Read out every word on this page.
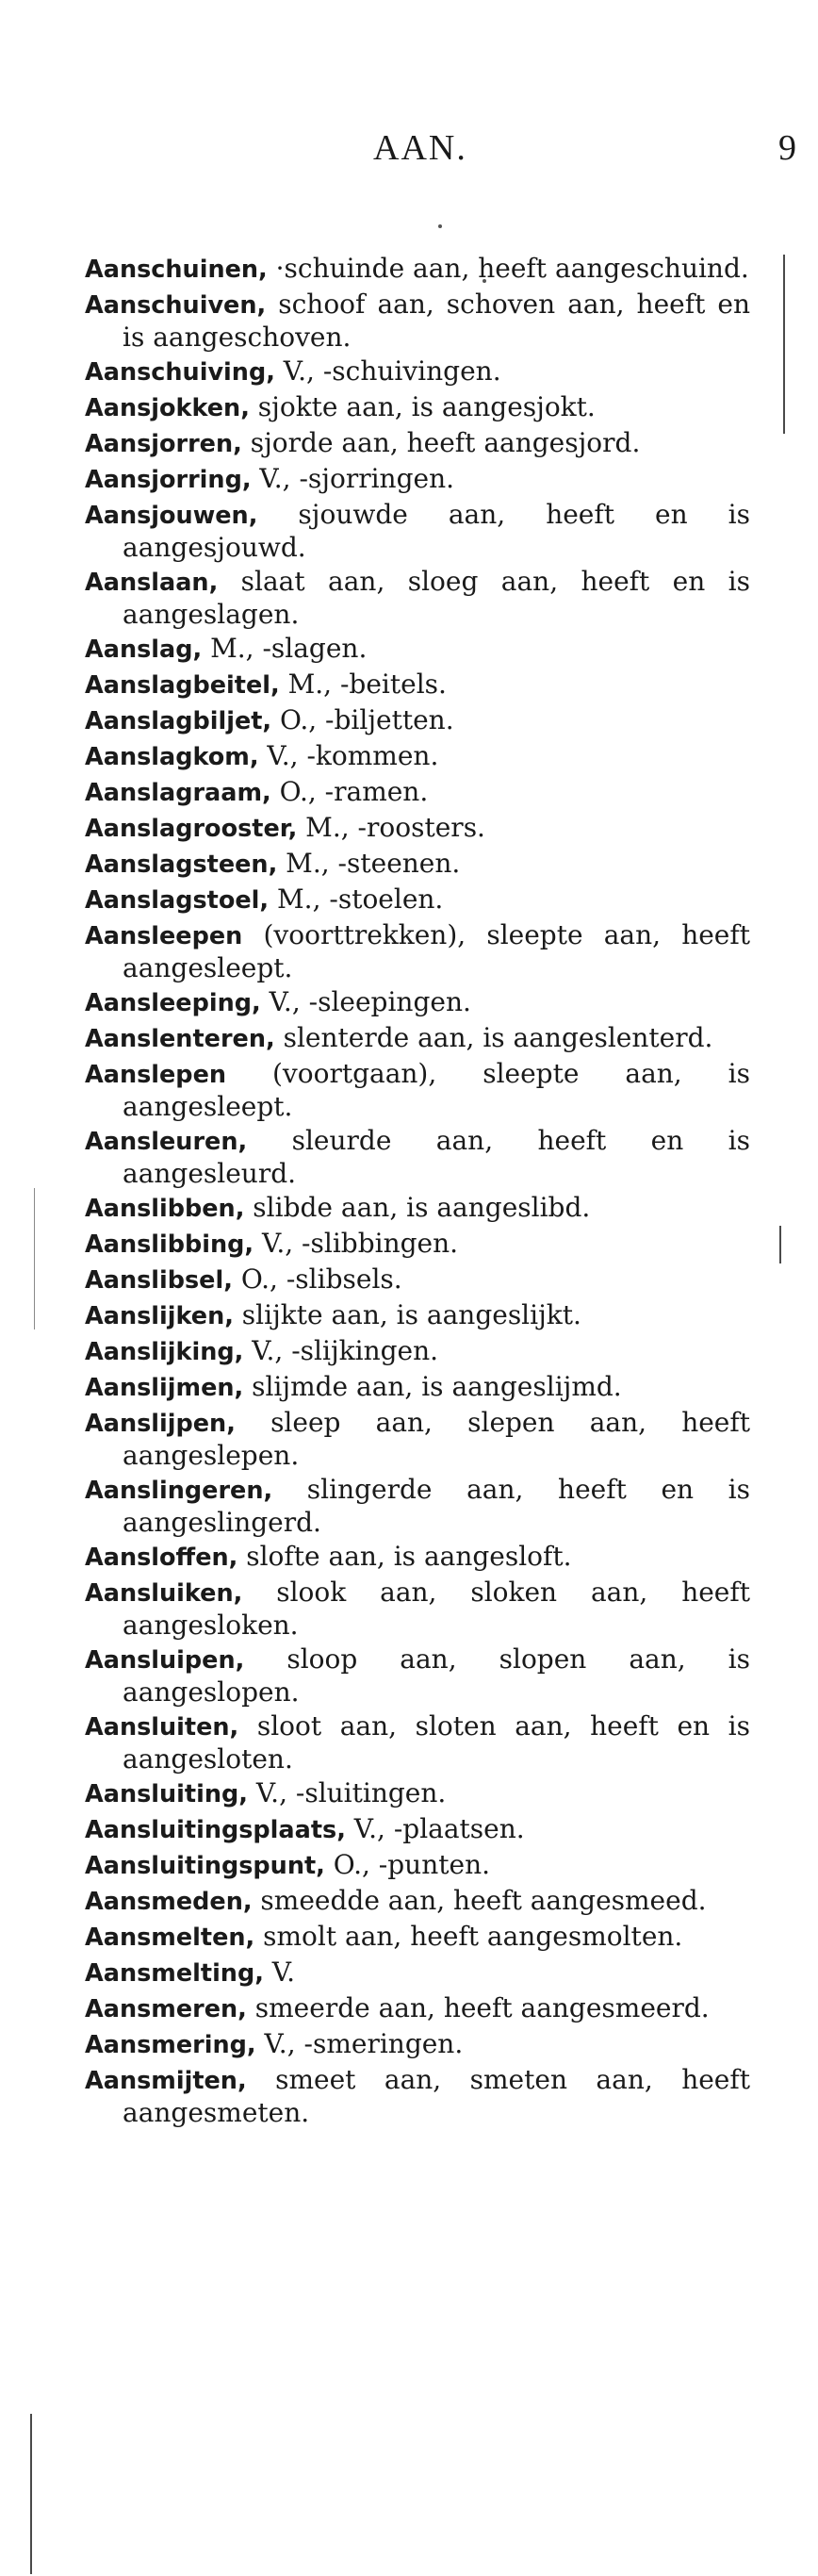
AAN.	9
Aanschuinen, ·schuinde aan, heeft aangeschuind.
Aanschuiven, schoof aan, schoven aan, heeft en is aangeschoven.
Aanschuiving, V., -schuivingen.
Aansjokken, sjokte aan, is aangesjokt.
Aansjorren, sjorde aan, heeft aangesjord.
Aansjorring, V., -sjorringen.
Aansjouwen, sjouwde aan, heeft en is aangesjouwd.
Aanslaan, slaat aan, sloeg aan, heeft en is aangeslagen.
Aanslag, M., -slagen.
Aanslagbeitel, M., -beitels.
Aanslagbiljet, O., -biljetten.
Aanslagkom, V., -kommen.
Aanslagraam, O., -ramen.
Aanslagrooster, M., -roosters.
Aanslagsteen, M., -steenen.
Aanslagstoel, M., -stoelen.
Aansleepen (voorttrekken), sleepte aan, heeft aangesleept.
Aansleeping, V., -sleepingen.
Aanslenteren, slenterde aan, is aangeslenterd.
Aanslepen (voortgaan), sleepte aan, is aangesleept.
Aansleuren, sleurde aan, heeft en is aangesleurd.
Aanslibben, slibde aan, is aangeslibd.
Aanslibbing, V., -slibbingen.
Aanslibsel, O., -slibsels.
Aanslijken, slijkte aan, is aangeslijkt.
Aanslijking, V., -slijkingen.
Aanslijmen, slijmde aan, is aangeslijmd.
Aanslijpen, sleep aan, slepen aan, heeft aangeslepen.
Aanslingeren, slingerde aan, heeft en is aangeslingerd.
Aansloffen, slofte aan, is aangesloft.
Aansluiken, slook aan, sloken aan, heeft aangesloken.
Aansluipen, sloop aan, slopen aan, is aangeslopen.
Aansluiten, sloot aan, sloten aan, heeft en is aangesloten.
Aansluiting, V., -sluitingen.
Aansluitingsplaats, V., -plaatsen.
Aansluitingspunt, O., -punten.
Aansmeden, smeedde aan, heeft aangesmeed.
Aansmelten, smolt aan, heeft aangesmolten.
Aansmelting, V.
Aansmeren, smeerde aan, heeft aangesmeerd.
Aansmering, V., -smeringen.
Aansmijten, smeet aan, smeten aan, heeft aangesmeten.
